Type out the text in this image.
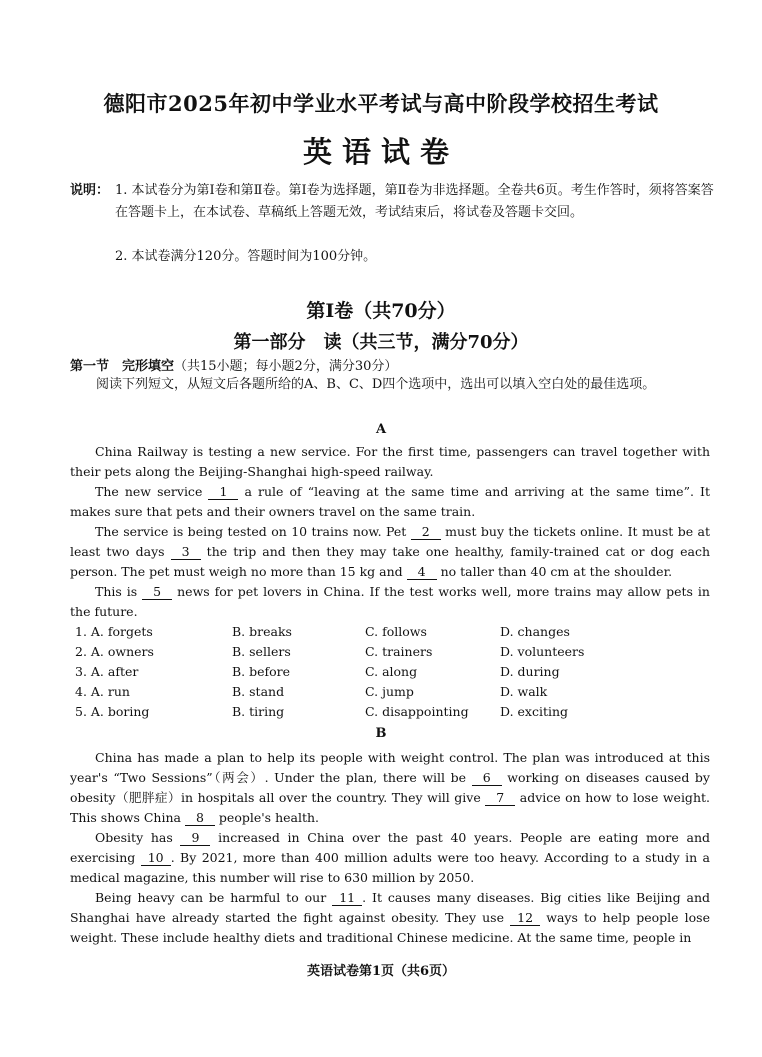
德阳市2025年初中学业水平考试与高中阶段学校招生考试
英语试卷
说明： 1. 本试卷分为第Ⅰ卷和第Ⅱ卷。第Ⅰ卷为选择题，第Ⅱ卷为非选择题。全卷共6页。考生作答时，须将答案答在答题卡上，在本试卷、草稿纸上答题无效，考试结束后，将试卷及答题卡交回。
2. 本试卷满分120分。答题时间为100分钟。
第Ⅰ卷（共70分）
第一部分　读（共三节，满分70分）
第一节　完形填空（共15小题；每小题2分，满分30分）
阅读下列短文，从短文后各题所给的A、B、C、D四个选项中，选出可以填入空白处的最佳选项。
A
China Railway is testing a new service. For the first time, passengers can travel together with their pets along the Beijing-Shanghai high-speed railway.
The new service 1 a rule of “leaving at the same time and arriving at the same time”. It makes sure that pets and their owners travel on the same train.
The service is being tested on 10 trains now. Pet 2 must buy the tickets online. It must be at least two days 3 the trip and then they may take one healthy, family-trained cat or dog each person. The pet must weigh no more than 15 kg and 4 no taller than 40 cm at the shoulder.
This is 5 news for pet lovers in China. If the test works well, more trains may allow pets in the future.
1. A. forgets	B. breaks	C. follows	D. changes
2. A. owners	B. sellers	C. trainers	D. volunteers
3. A. after	B. before	C. along	D. during
4. A. run	B. stand	C. jump	D. walk
5. A. boring	B. tiring	C. disappointing	D. exciting
B
China has made a plan to help its people with weight control. The plan was introduced at this year's “Two Sessions”（两会）. Under the plan, there will be 6 working on diseases caused by obesity（肥胖症）in hospitals all over the country. They will give 7 advice on how to lose weight. This shows China 8 people's health.
Obesity has 9 increased in China over the past 40 years. People are eating more and exercising 10 . By 2021, more than 400 million adults were too heavy. According to a study in a medical magazine, this number will rise to 630 million by 2050.
Being heavy can be harmful to our 11 . It causes many diseases. Big cities like Beijing and Shanghai have already started the fight against obesity. They use 12 ways to help people lose weight. These include healthy diets and traditional Chinese medicine. At the same time, people in
英语试卷第1页（共6页）
